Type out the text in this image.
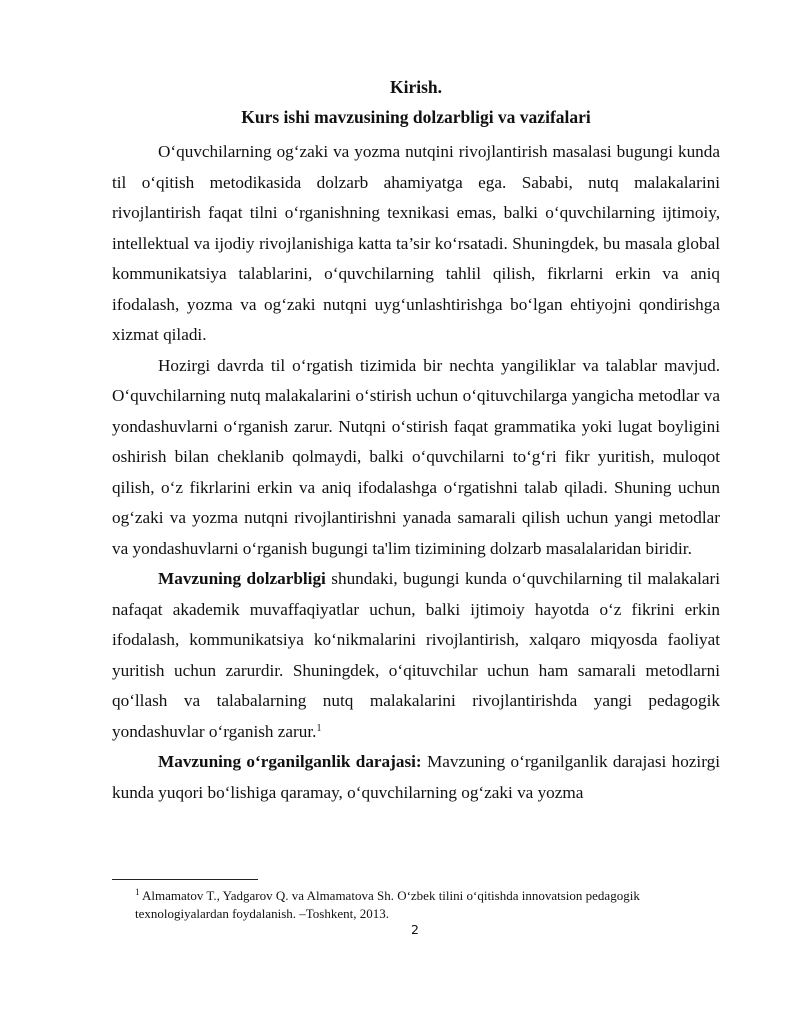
Kirish.
Kurs ishi mavzusining dolzarbligi va vazifalari

O‘quvchilarning og‘zaki va yozma nutqini rivojlantirish masalasi bugungi kunda til o‘qitish metodikasida dolzarb ahamiyatga ega. Sababi, nutq malakalarini rivojlantirish faqat tilni o‘rganishning texnikasi emas, balki o‘quvchilarning ijtimoiy, intellektual va ijodiy rivojlanishiga katta ta’sir ko‘rsatadi. Shuningdek, bu masala global kommunikatsiya talablarini, o‘quvchilarning tahlil qilish, fikrlarni erkin va aniq ifodalash, yozma va og‘zaki nutqni uyg‘unlashtirishga bo‘lgan ehtiyojni qondirishga xizmat qiladi.

Hozirgi davrda til o‘rgatish tizimida bir nechta yangiliklar va talablar mavjud. O‘quvchilarning nutq malakalarini o‘stirish uchun o‘qituvchilarga yangicha metodlar va yondashuvlarni o‘rganish zarur. Nutqni o‘stirish faqat grammatika yoki lugat boyligini oshirish bilan cheklanib qolmaydi, balki o‘quvchilarni to‘g‘ri fikr yuritish, muloqot qilish, o‘z fikrlarini erkin va aniq ifodalashga o‘rgatishni talab qiladi. Shuning uchun og‘zaki va yozma nutqni rivojlantirishni yanada samarali qilish uchun yangi metodlar va yondashuvlarni o‘rganish bugungi ta'lim tizimining dolzarb masalalaridan biridir.

Mavzuning dolzarbligi shundaki, bugungi kunda o‘quvchilarning til malakalari nafaqat akademik muvaffaqiyatlar uchun, balki ijtimoiy hayotda o‘z fikrini erkin ifodalash, kommunikatsiya ko‘nikmalarini rivojlantirish, xalqaro miqyosda faoliyat yuritish uchun zarurdir. Shuningdek, o‘qituvchilar uchun ham samarali metodlarni qo‘llash va talabalarning nutq malakalarini rivojlantirishda yangi pedagogik yondashuvlar o‘rganish zarur.$^1$

Mavzuning o‘rganilganlik darajasi: Mavzuning o‘rganilganlik darajasi hozirgi kunda yuqori bo‘lishiga qaramay, o‘quvchilarning og‘zaki va yozma

$^1$ Almamatov T., Yadgarov Q. va Almamatova Sh. O‘zbek tilini o‘qitishda innovatsion pedagogik texnologiyalardan foydalanish. –Toshkent, 2013.
2
